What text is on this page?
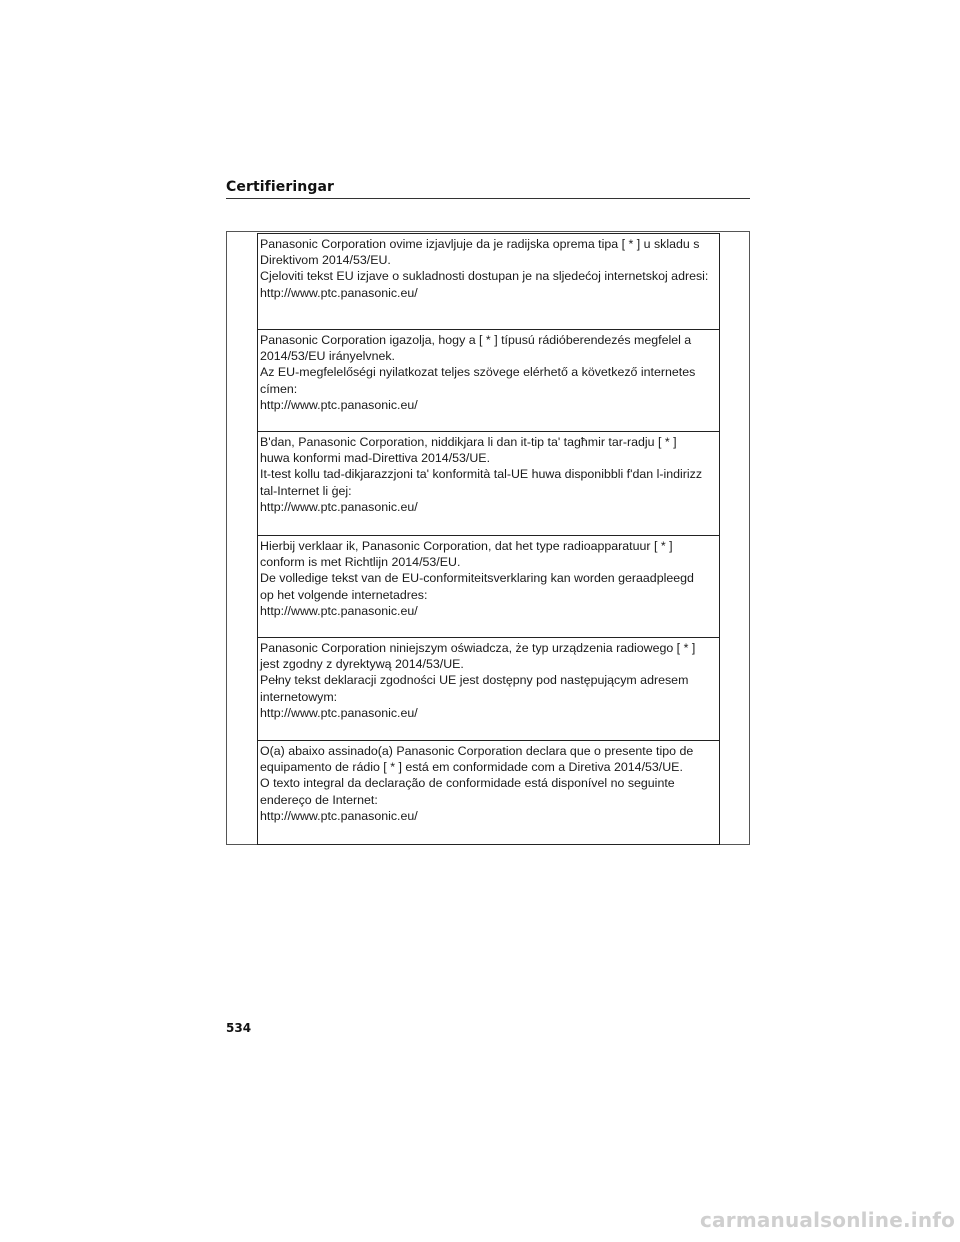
Certifieringar
Panasonic Corporation ovime izjavljuje da je radijska oprema tipa [ * ] u skladu s
Direktivom 2014/53/EU.
Cjeloviti tekst EU izjave o sukladnosti dostupan je na sljedećoj internetskoj adresi:
http://www.ptc.panasonic.eu/
Panasonic Corporation igazolja, hogy a [ * ] típusú rádióberendezés megfelel a
2014/53/EU irányelvnek.
Az EU-megfelelőségi nyilatkozat teljes szövege elérhető a következő internetes
címen:
http://www.ptc.panasonic.eu/
B'dan, Panasonic Corporation, niddikjara li dan it-tip ta' tagħmir tar-radju [ * ]
huwa konformi mad-Direttiva 2014/53/UE.
It-test kollu tad-dikjarazzjoni ta' konformità tal-UE huwa disponibbli f'dan l-indirizz
tal-Internet li ġej:
http://www.ptc.panasonic.eu/
Hierbij verklaar ik, Panasonic Corporation, dat het type radioapparatuur [ * ]
conform is met Richtlijn 2014/53/EU.
De volledige tekst van de EU-conformiteitsverklaring kan worden geraadpleegd
op het volgende internetadres:
http://www.ptc.panasonic.eu/
Panasonic Corporation niniejszym oświadcza, że typ urządzenia radiowego [ * ]
jest zgodny z dyrektywą 2014/53/UE.
Pełny tekst deklaracji zgodności UE jest dostępny pod następującym adresem
internetowym:
http://www.ptc.panasonic.eu/
O(a) abaixo assinado(a) Panasonic Corporation declara que o presente tipo de
equipamento de rádio [ * ] está em conformidade com a Diretiva 2014/53/UE.
O texto integral da declaração de conformidade está disponível no seguinte
endereço de Internet:
http://www.ptc.panasonic.eu/
534
carmanualsonline.info
